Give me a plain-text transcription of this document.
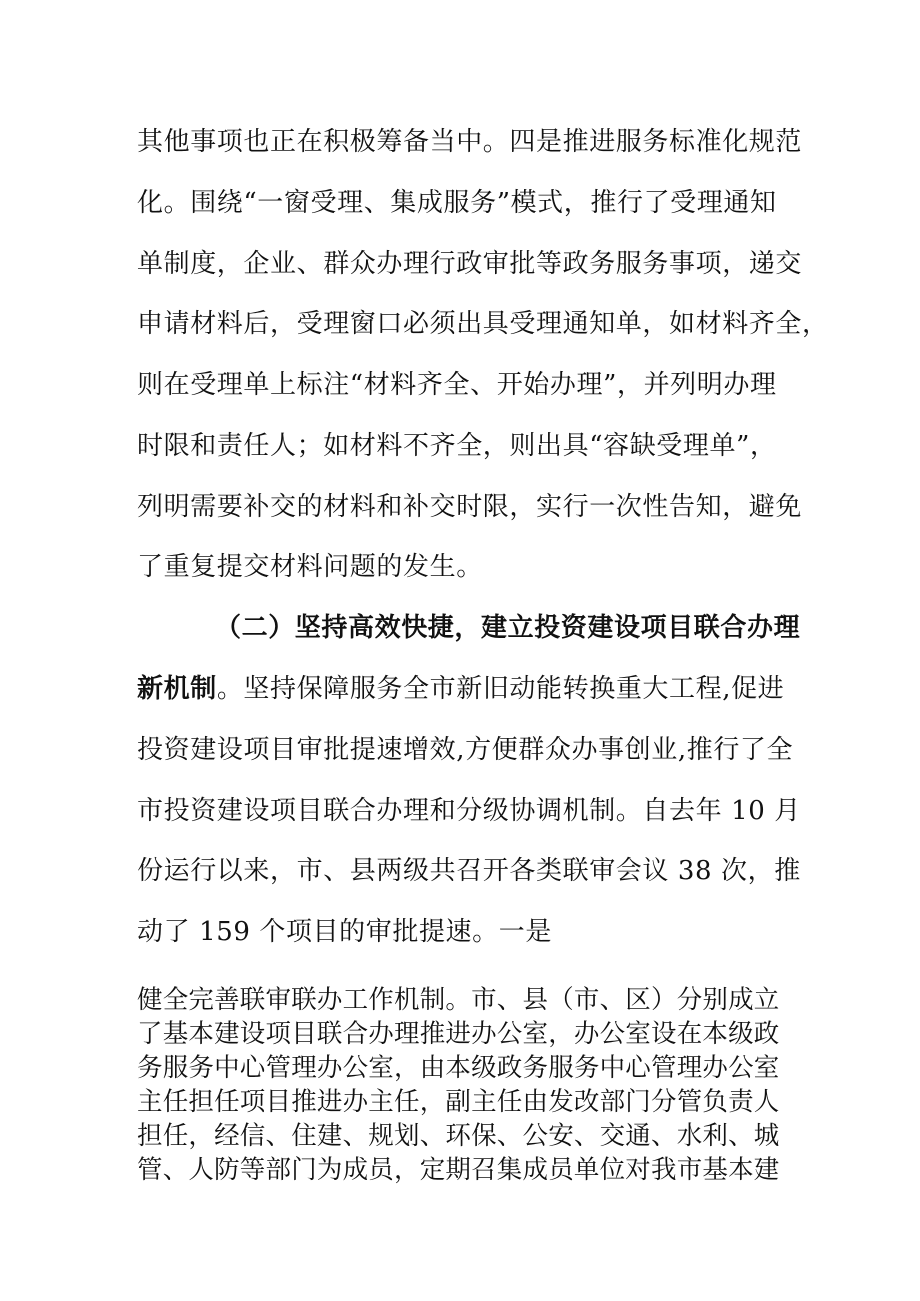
其他事项也正在积极筹备当中。四是推进服务标准化规范
化。围绕“一窗受理、集成服务”模式，推行了受理通知
单制度，企业、群众办理行政审批等政务服务事项，递交
申请材料后，受理窗口必须出具受理通知单，如材料齐全，
则在受理单上标注“材料齐全、开始办理”，并列明办理
时限和责任人；如材料不齐全，则出具“容缺受理单”，
列明需要补交的材料和补交时限，实行一次性告知，避免
了重复提交材料问题的发生。
（二）坚持高效快捷，建立投资建设项目联合办理
新机制。坚持保障服务全市新旧动能转换重大工程,促进
投资建设项目审批提速增效,方便群众办事创业,推行了全
市投资建设项目联合办理和分级协调机制。自去年 10 月
份运行以来，市、县两级共召开各类联审会议 38 次，推
动了 159 个项目的审批提速。一是
健全完善联审联办工作机制。市、县（市、区）分别成立
了基本建设项目联合办理推进办公室，办公室设在本级政
务服务中心管理办公室，由本级政务服务中心管理办公室
主任担任项目推进办主任，副主任由发改部门分管负责人
担任，经信、住建、规划、环保、公安、交通、水利、城
管、人防等部门为成员，定期召集成员单位对我市基本建
